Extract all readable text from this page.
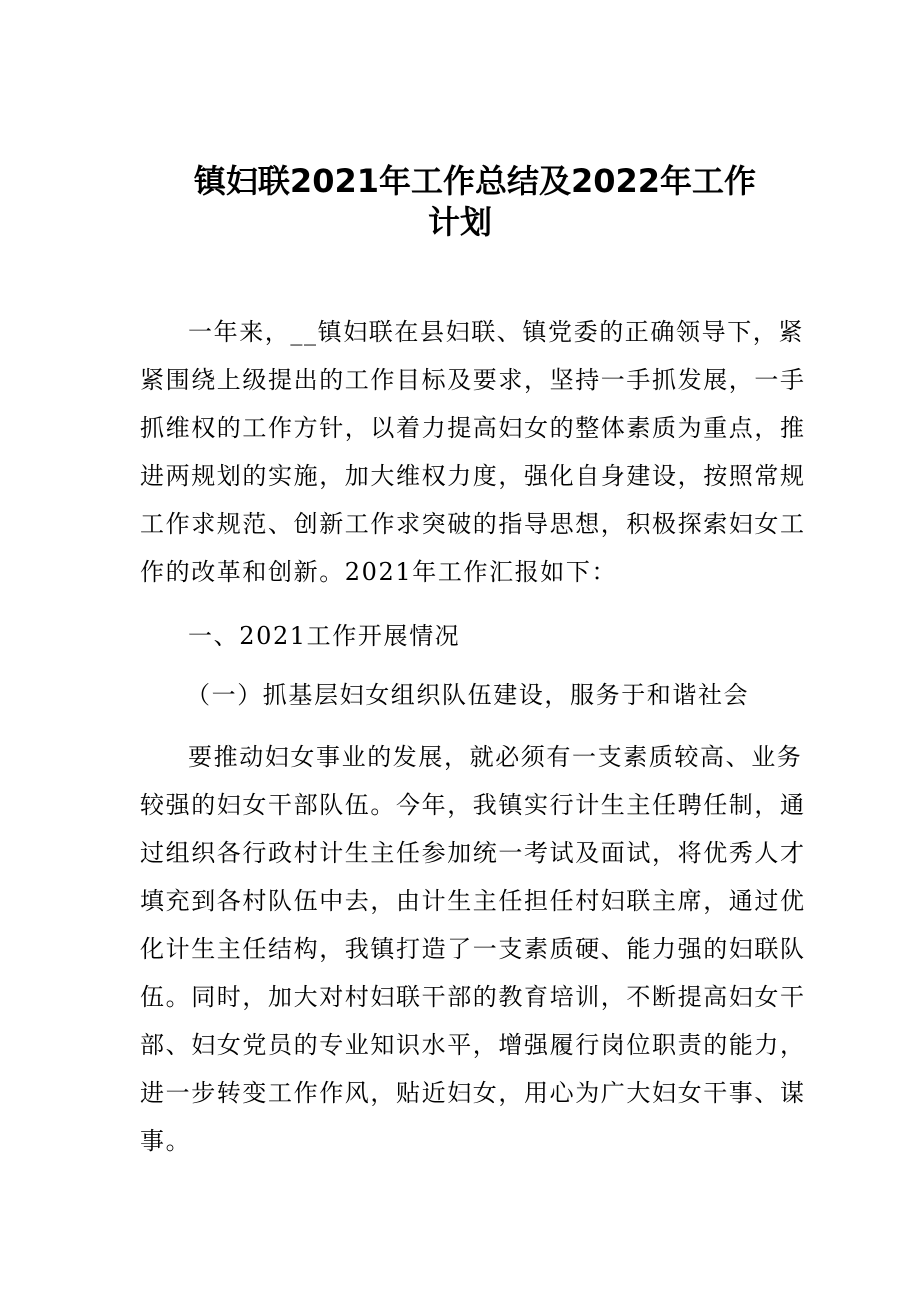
镇妇联2021年工作总结及2022年工作
计划
一年来，__镇妇联在县妇联、镇党委的正确领导下，紧
紧围绕上级提出的工作目标及要求，坚持一手抓发展，一手
抓维权的工作方针，以着力提高妇女的整体素质为重点，推
进两规划的实施，加大维权力度，强化自身建设，按照常规
工作求规范、创新工作求突破的指导思想，积极探索妇女工
作的改革和创新。2021年工作汇报如下：
一、2021工作开展情况
（一）抓基层妇女组织队伍建设，服务于和谐社会
要推动妇女事业的发展，就必须有一支素质较高、业务
较强的妇女干部队伍。今年，我镇实行计生主任聘任制，通
过组织各行政村计生主任参加统一考试及面试，将优秀人才
填充到各村队伍中去，由计生主任担任村妇联主席，通过优
化计生主任结构，我镇打造了一支素质硬、能力强的妇联队
伍。同时，加大对村妇联干部的教育培训，不断提高妇女干
部、妇女党员的专业知识水平，增强履行岗位职责的能力，
进一步转变工作作风，贴近妇女，用心为广大妇女干事、谋
事。
